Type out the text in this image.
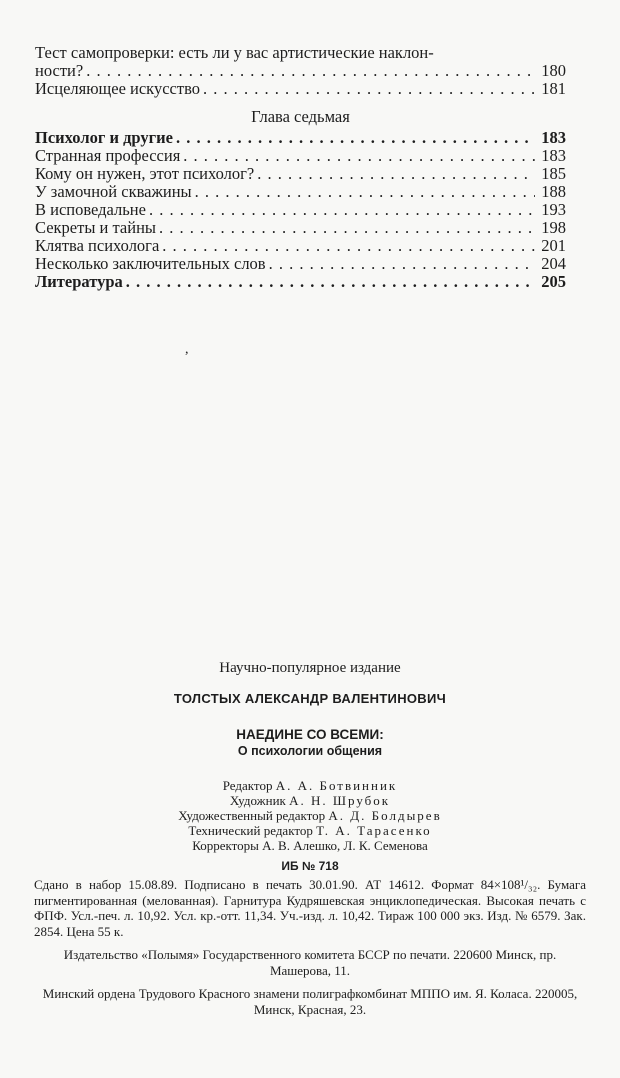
Тест самопроверки: есть ли у вас артистические наклон-
ности? . . .	180
Исцеляющее искусство . . .	181
Глава седьмая
Психолог и другие . . .	183
Странная профессия . . .	183
Кому он нужен, этот психолог? . . .	185
У замочной скважины . . .	188
В исповедальне . . .	193
Секреты и тайны . . .	198
Клятва психолога . . .	201
Несколько заключительных слов . . .	204
Литература . . .	205
,
Научно-популярное издание
ТОЛСТЫХ АЛЕКСАНДР ВАЛЕНТИНОВИЧ
НАЕДИНЕ СО ВСЕМИ:
О психологии общения
Редактор А. А. Ботвинник
Художник А. Н. Шрубок
Художественный редактор А. Д. Болдырев
Технический редактор Т. А. Тарасенко
Корректоры А. В. Алешко, Л. К. Семенова
ИБ № 718
Сдано в набор 15.08.89. Подписано в печать 30.01.90. АТ 14612. Формат 84×108¹/₃₂. Бумага пигментированная (мелованная). Гарнитура Кудряшевская энциклопедическая. Высокая печать с ФПФ. Усл.-печ. л. 10,92. Усл. кр.-отт. 11,34. Уч.-изд. л. 10,42. Тираж 100 000 экз. Изд. № 6579. Зак. 2854. Цена 55 к.
Издательство «Полымя» Государственного комитета БССР по печати. 220600 Минск, пр. Машерова, 11.
Минский ордена Трудового Красного знамени полиграфкомбинат МППО им. Я. Коласа. 220005, Минск, Красная, 23.
